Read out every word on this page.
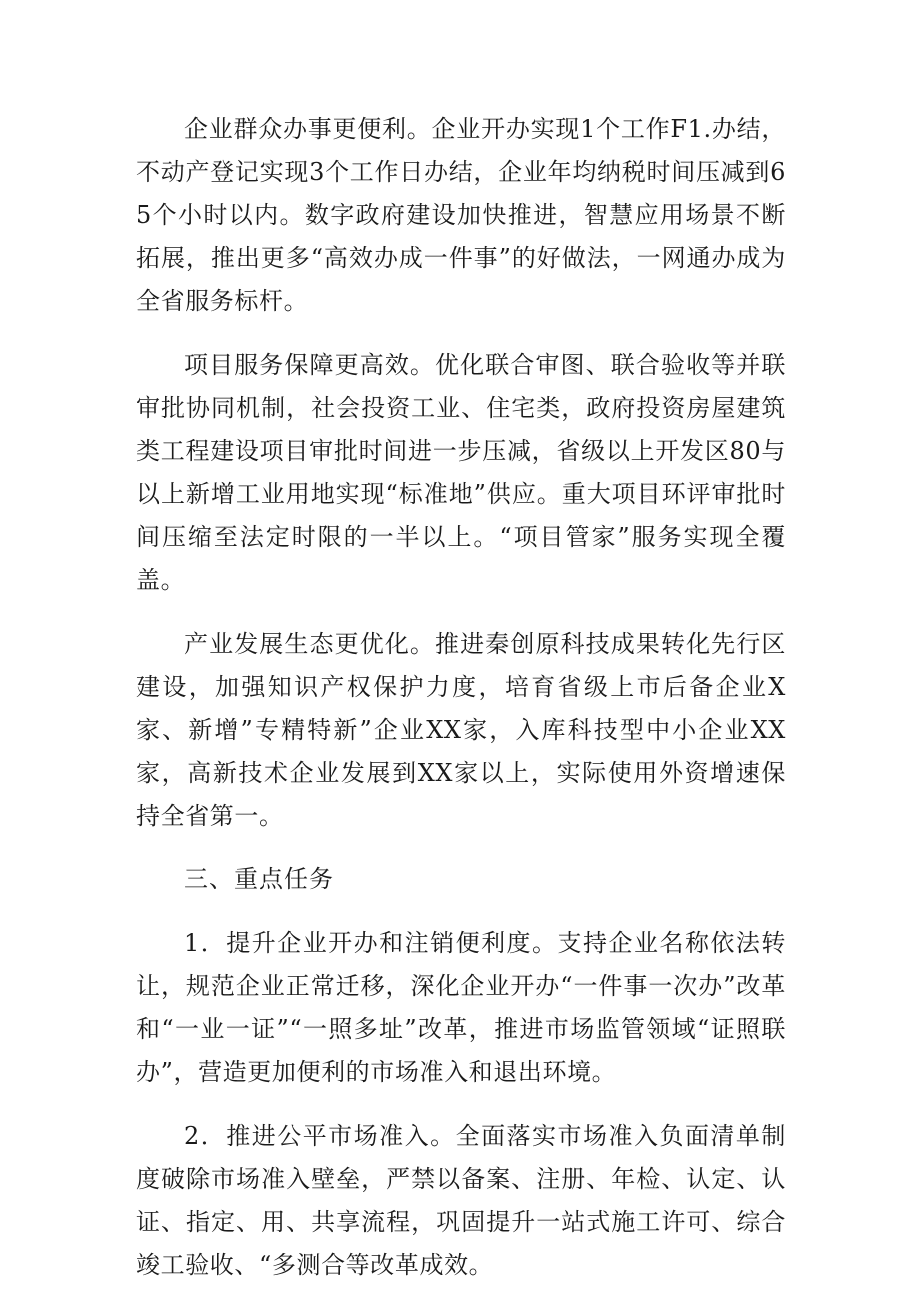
企业群众办事更便利。企业开办实现1个工作F1.办结，不动产登记实现3个工作日办结，企业年均纳税时间压减到65个小时以内。数字政府建设加快推进，智慧应用场景不断拓展，推出更多“高效办成一件事”的好做法，一网通办成为全省服务标杆。

项目服务保障更高效。优化联合审图、联合验收等并联审批协同机制，社会投资工业、住宅类，政府投资房屋建筑类工程建设项目审批时间进一步压减，省级以上开发区80与以上新增工业用地实现“标准地”供应。重大项目环评审批时间压缩至法定时限的一半以上。“项目管家”服务实现全覆盖。

产业发展生态更优化。推进秦创原科技成果转化先行区建设，加强知识产权保护力度，培育省级上市后备企业X家、新增”专精特新”企业XX家，入库科技型中小企业XX家，高新技术企业发展到XX家以上，实际使用外资增速保持全省第一。

三、重点任务

1．提升企业开办和注销便利度。支持企业名称依法转让，规范企业正常迁移，深化企业开办“一件事一次办”改革和“一业一证”“一照多址”改革，推进市场监管领域“证照联办”，营造更加便利的市场准入和退出环境。

2．推进公平市场准入。全面落实市场准入负面清单制度破除市场准入壁垒，严禁以备案、注册、年检、认定、认证、指定、用、共享流程，巩固提升一站式施工许可、综合竣工验收、“多测合等改革成效。
